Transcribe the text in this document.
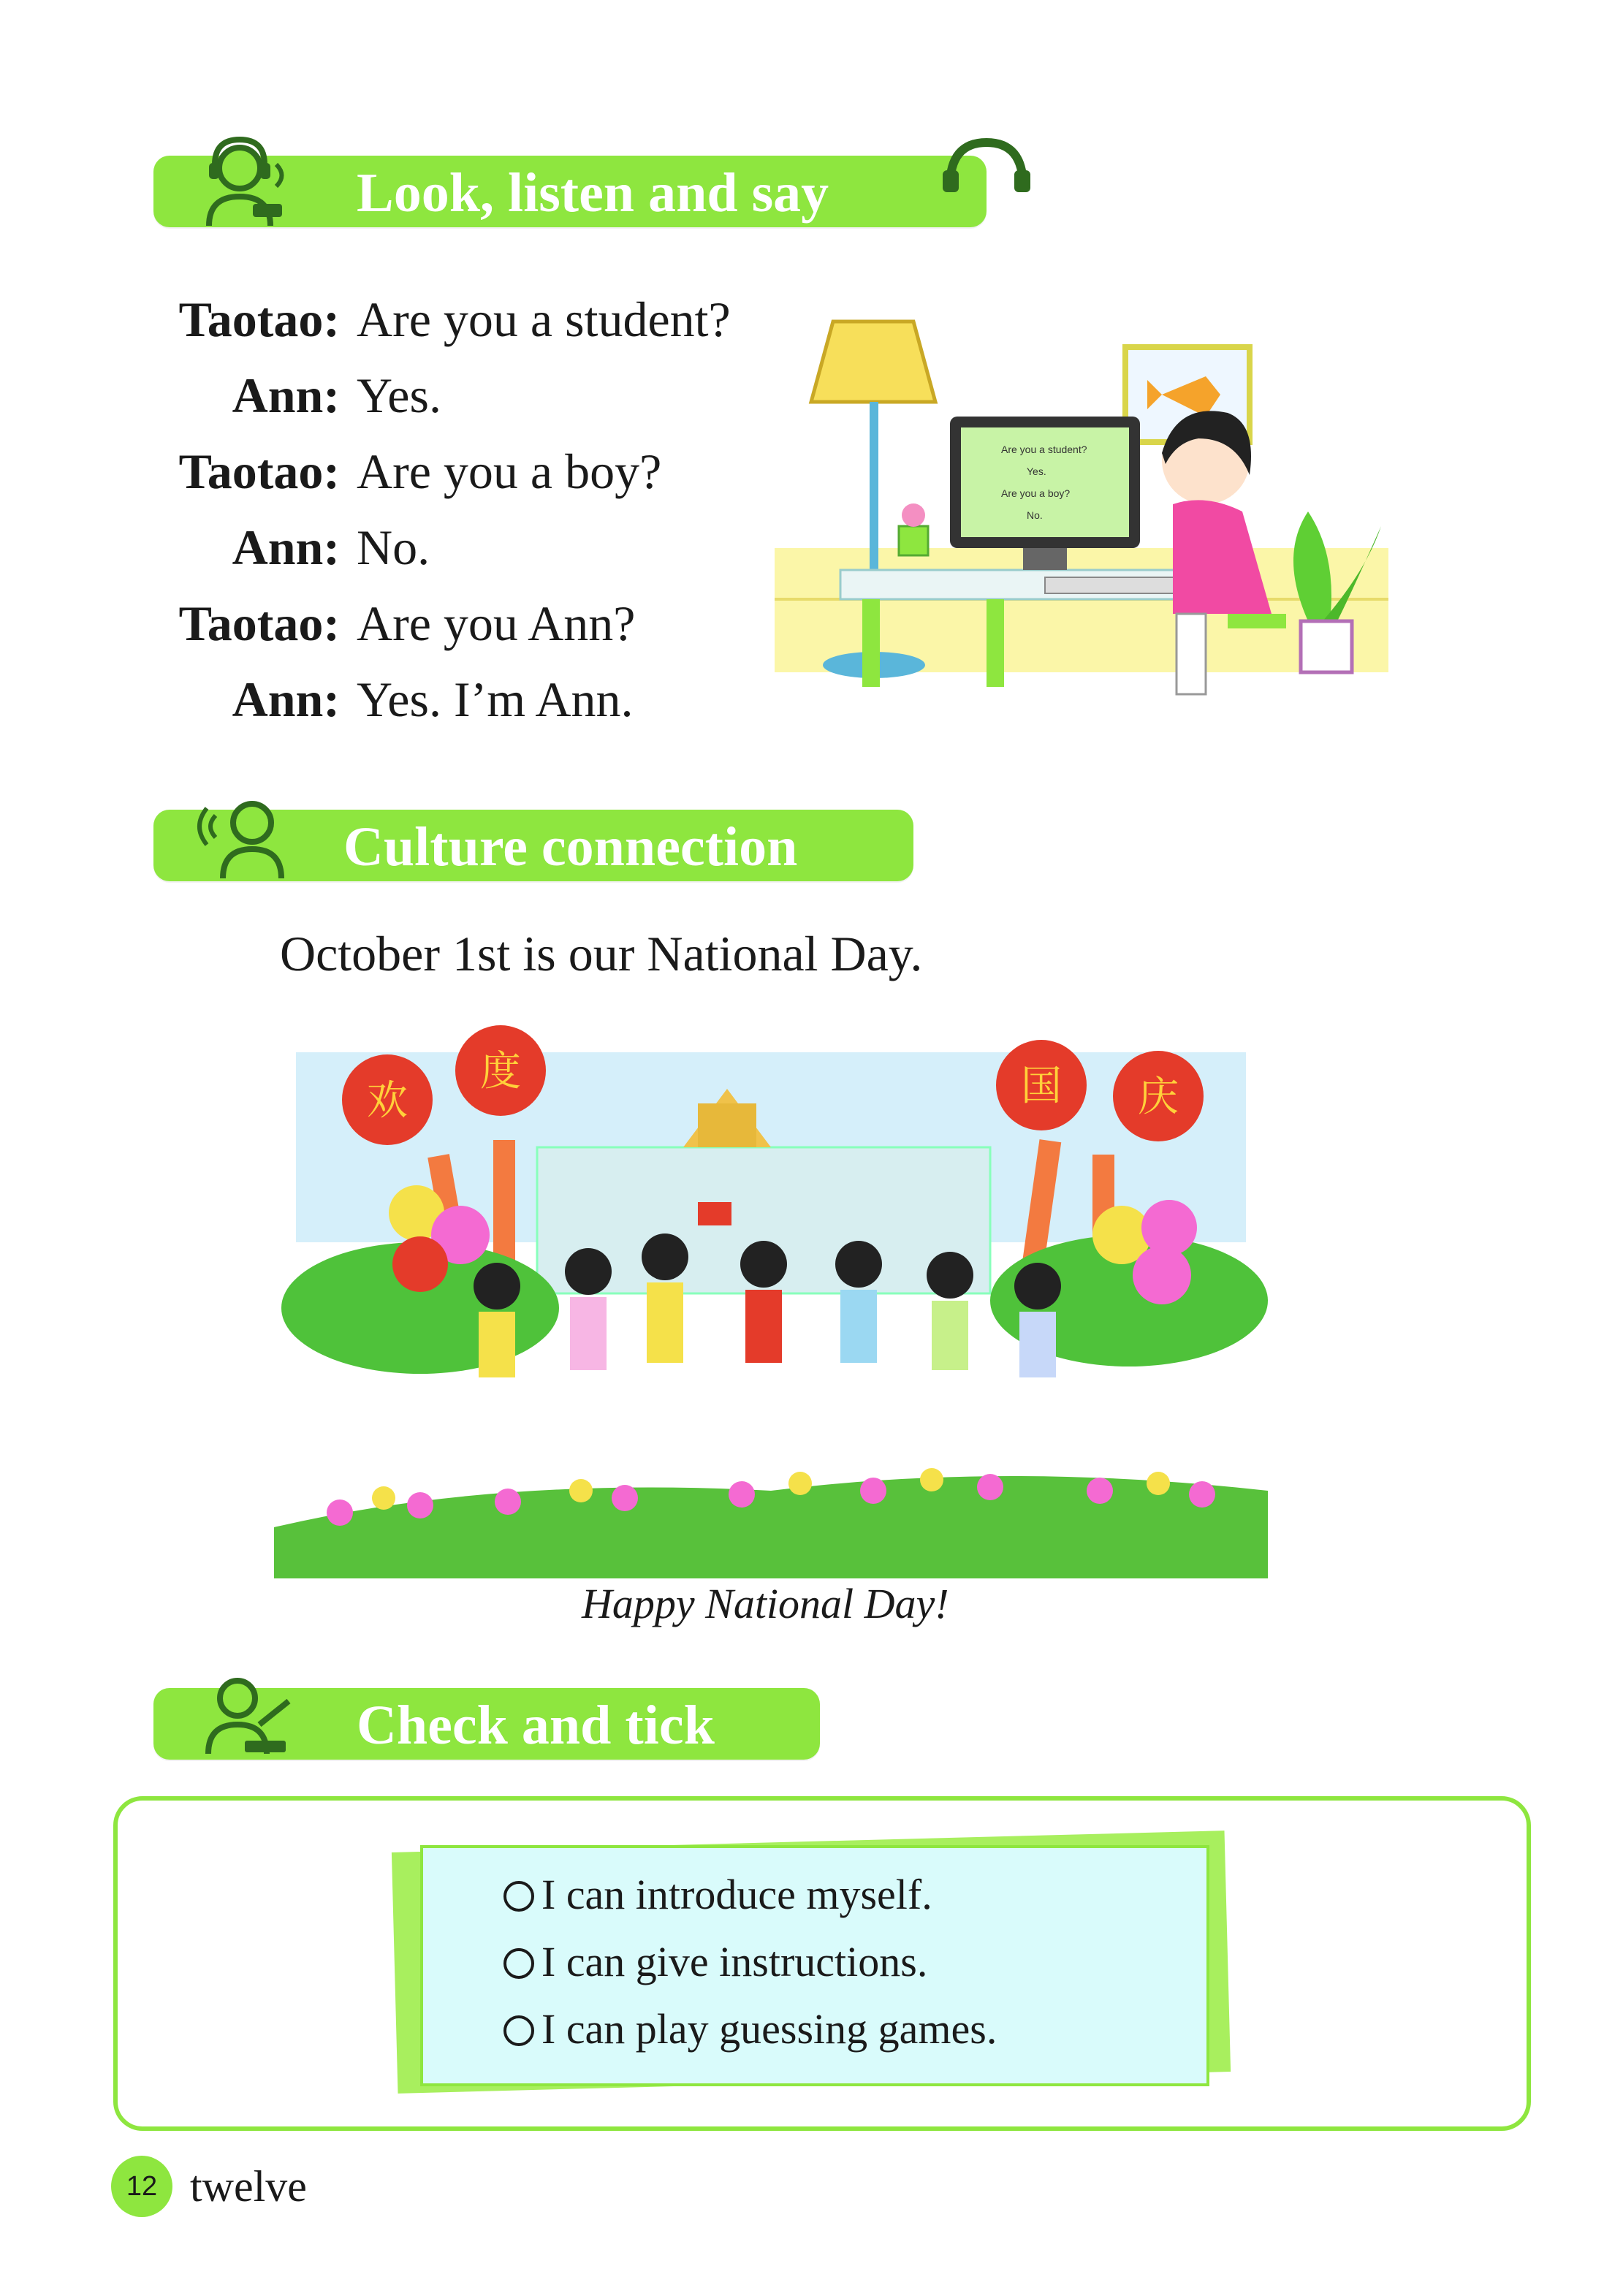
Look, listen and say
Taotao: Are you a student?
Ann: Yes.
Taotao: Are you a boy?
Ann: No.
Taotao: Are you Ann?
Ann: Yes. I’m Ann.
Are you a student?
Yes.
Are you a boy?
No.
Culture connection
October 1st is our National Day.
欢
度	国 庆
Happy National Day!
Check and tick
I can introduce myself.
I can give instructions.
I can play guessing games.
12 twelve
